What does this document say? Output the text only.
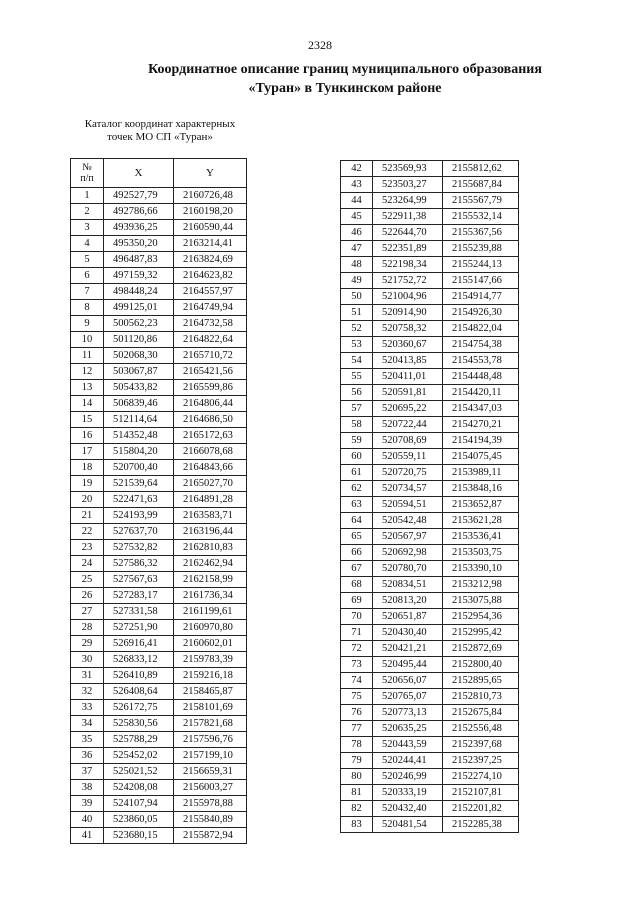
2328
Координатное описание границ муниципального образования
«Туран» в Тункинском районе
Каталог координат характерных
точек МО СП «Туран»
№
п/п	X	Y
1	492527,79	2160726,48
2	492786,66	2160198,20
3	493936,25	2160590,44
4	495350,20	2163214,41
5	496487,83	2163824,69
6	497159,32	2164623,82
7	498448,24	2164557,97
8	499125,01	2164749,94
9	500562,23	2164732,58
10	501120,86	2164822,64
11	502068,30	2165710,72
12	503067,87	2165421,56
13	505433,82	2165599,86
14	506839,46	2164806,44
15	512114,64	2164686,50
16	514352,48	2165172,63
17	515804,20	2166078,68
18	520700,40	2164843,66
19	521539,64	2165027,70
20	522471,63	2164891,28
21	524193,99	2163583,71
22	527637,70	2163196,44
23	527532,82	2162810,83
24	527586,32	2162462,94
25	527567,63	2162158,99
26	527283,17	2161736,34
27	527331,58	2161199,61
28	527251,90	2160970,80
29	526916,41	2160602,01
30	526833,12	2159783,39
31	526410,89	2159216,18
32	526408,64	2158465,87
33	526172,75	2158101,69
34	525830,56	2157821,68
35	525788,29	2157596,76
36	525452,02	2157199,10
37	525021,52	2156659,31
38	524208,08	2156003,27
39	524107,94	2155978,88
40	523860,05	2155840,89
41	523680,15	2155872,94
42	523569,93	2155812,62
43	523503,27	2155687,84
44	523264,99	2155567,79
45	522911,38	2155532,14
46	522644,70	2155367,56
47	522351,89	2155239,88
48	522198,34	2155244,13
49	521752,72	2155147,66
50	521004,96	2154914,77
51	520914,90	2154926,30
52	520758,32	2154822,04
53	520360,67	2154754,38
54	520413,85	2154553,78
55	520411,01	2154448,48
56	520591,81	2154420,11
57	520695,22	2154347,03
58	520722,44	2154270,21
59	520708,69	2154194,39
60	520559,11	2154075,45
61	520720,75	2153989,11
62	520734,57	2153848,16
63	520594,51	2153652,87
64	520542,48	2153621,28
65	520567,97	2153536,41
66	520692,98	2153503,75
67	520780,70	2153390,10
68	520834,51	2153212,98
69	520813,20	2153075,88
70	520651,87	2152954,36
71	520430,40	2152995,42
72	520421,21	2152872,69
73	520495,44	2152800,40
74	520656,07	2152895,65
75	520765,07	2152810,73
76	520773,13	2152675,84
77	520635,25	2152556,48
78	520443,59	2152397,68
79	520244,41	2152397,25
80	520246,99	2152274,10
81	520333,19	2152107,81
82	520432,40	2152201,82
83	520481,54	2152285,38
